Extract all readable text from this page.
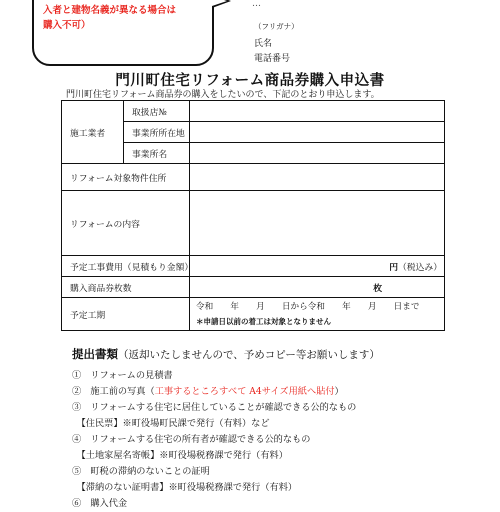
入者と建物名義が異なる場合は
購入不可）
…
（フリガナ）
氏名
電話番号
門川町住宅リフォーム商品券購入申込書
門川町住宅リフォーム商品券の購入をしたいので、下記のとおり申込します。
施工業者	取扱店№	
	事業所所在地	
	事業所名	
リフォーム対象物件住所		
リフォームの内容		
予定工事費用（見積もり金額）		円（税込み）
購入商品券枚数		枚
予定工期		令和　　年　　月　　日から令和　　年　　月　　日まで
＊申請日以前の着工は対象となりません
提出書類（返却いたしませんので、予めコピー等お願いします）
①　リフォームの見積書
②　施工前の写真（工事するところすべて A4サイズ用紙へ貼付）
③　リフォームする住宅に居住していることが確認できる公的なもの
　【住民票】※町役場町民課で発行（有料）など
④　リフォームする住宅の所有者が確認できる公的なもの
　【土地家屋名寄帳】※町役場税務課で発行（有料）
⑤　町税の滞納のないことの証明
　【滞納のない証明書】※町役場税務課で発行（有料）
⑥　購入代金
